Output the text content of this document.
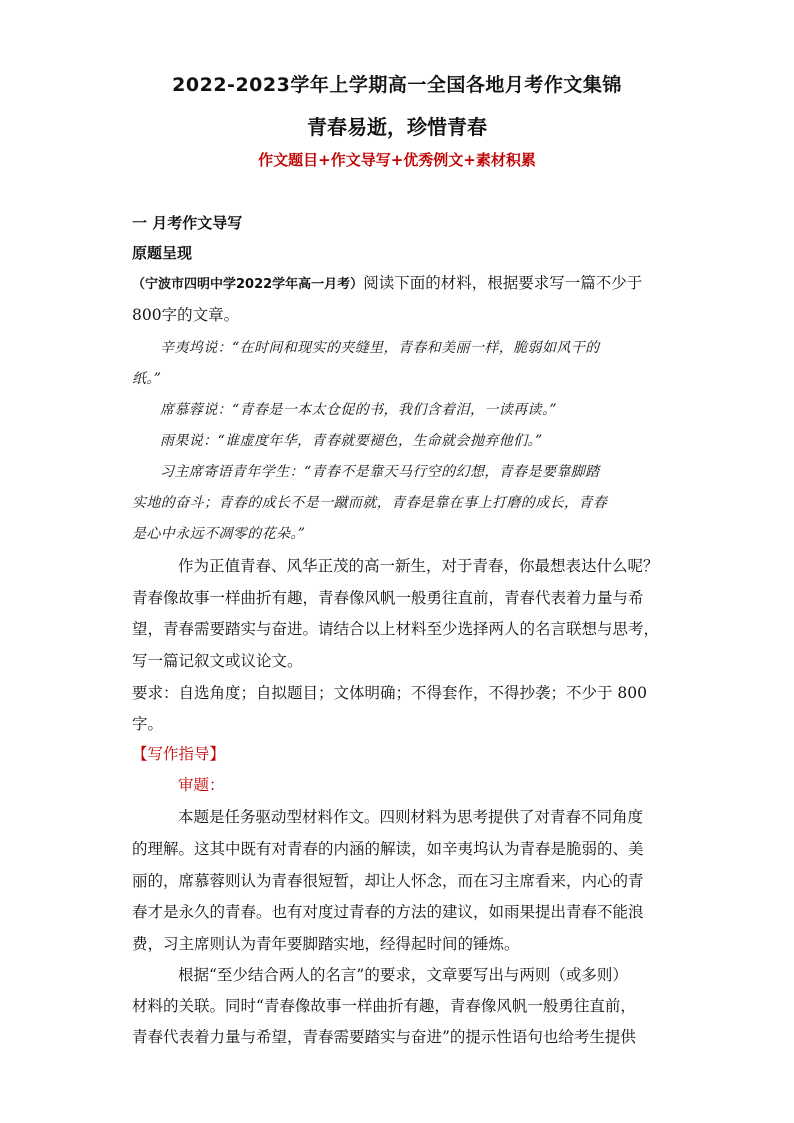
2022-2023学年上学期高一全国各地月考作文集锦
青春易逝，珍惜青春
作文题目+作文导写+优秀例文+素材积累
一 月考作文导写
原题呈现
（宁波市四明中学2022学年高一月考）阅读下面的材料，根据要求写一篇不少于
800字的文章。
辛夷坞说：“在时间和现实的夹缝里，青春和美丽一样，脆弱如风干的
纸。”
席慕蓉说：“青春是一本太仓促的书，我们含着泪，一读再读。”
雨果说：“谁虚度年华，青春就要褪色，生命就会抛弃他们。”
习主席寄语青年学生：“青春不是靠天马行空的幻想，青春是要靠脚踏
实地的奋斗；青春的成长不是一蹴而就，青春是靠在事上打磨的成长，青春
是心中永远不凋零的花朵。”
作为正值青春、风华正茂的高一新生，对于青春，你最想表达什么呢？
青春像故事一样曲折有趣，青春像风帆一般勇往直前，青春代表着力量与希
望，青春需要踏实与奋进。请结合以上材料至少选择两人的名言联想与思考，
写一篇记叙文或议论文。
要求：自选角度；自拟题目；文体明确；不得套作，不得抄袭；不少于 800
字。
【写作指导】
审题：
本题是任务驱动型材料作文。四则材料为思考提供了对青春不同角度
的理解。这其中既有对青春的内涵的解读，如辛夷坞认为青春是脆弱的、美
丽的，席慕蓉则认为青春很短暂，却让人怀念，而在习主席看来，内心的青
春才是永久的青春。也有对度过青春的方法的建议，如雨果提出青春不能浪
费，习主席则认为青年要脚踏实地，经得起时间的锤炼。
根据“至少结合两人的名言”的要求，文章要写出与两则（或多则）
材料的关联。同时“青春像故事一样曲折有趣，青春像风帆一般勇往直前，
青春代表着力量与希望，青春需要踏实与奋进”的提示性语句也给考生提供
